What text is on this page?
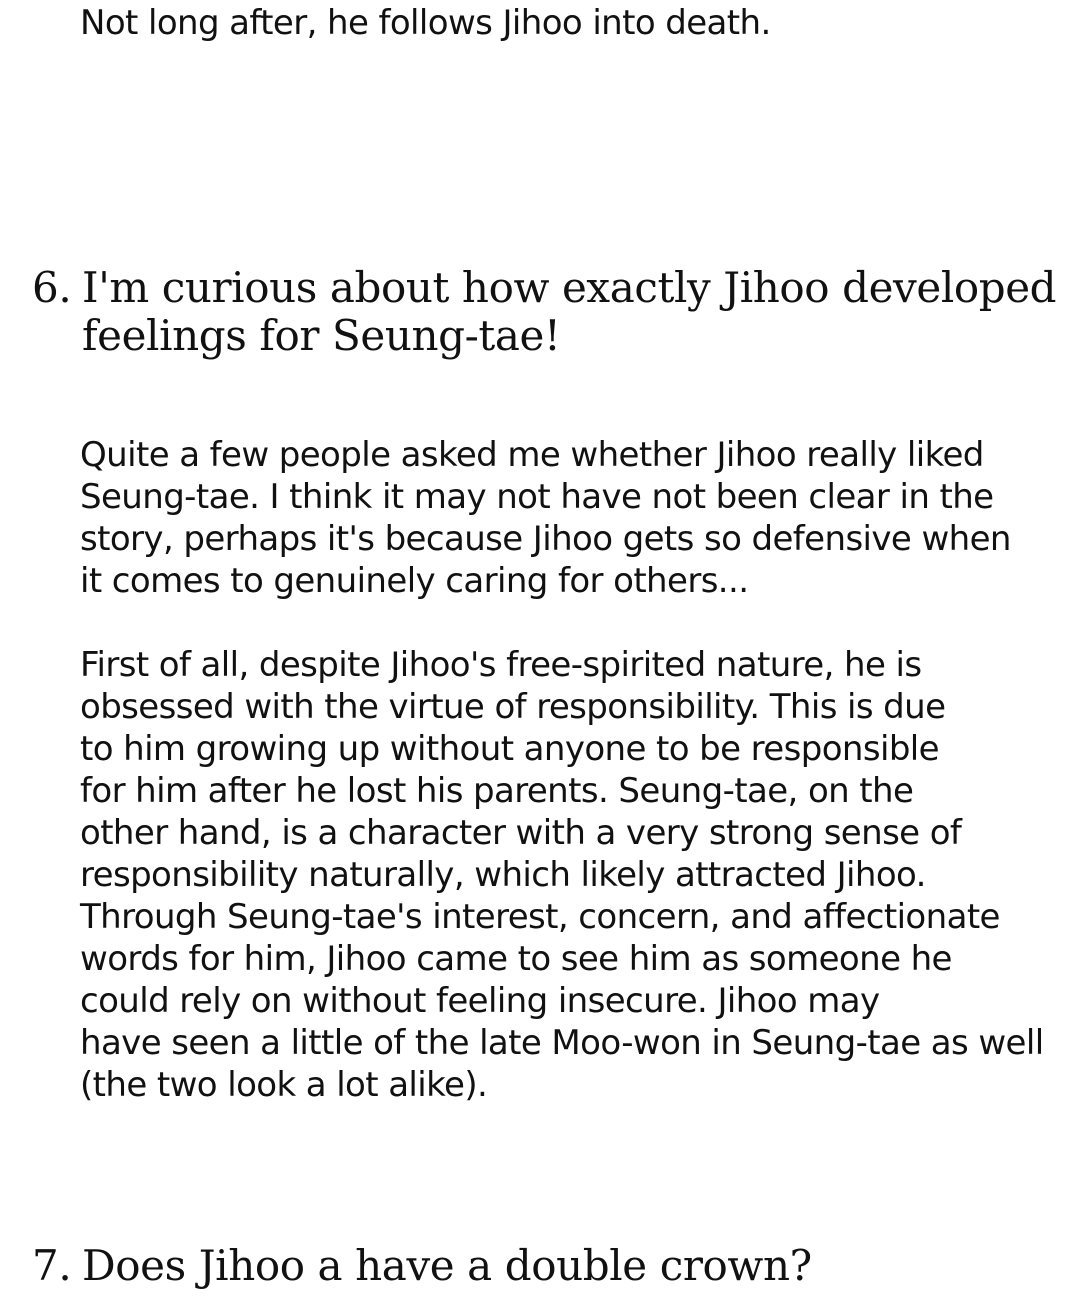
Not long after, he follows Jihoo into death.

6. I'm curious about how exactly Jihoo developed
feelings for Seung-tae!

Quite a few people asked me whether Jihoo really liked
Seung-tae. I think it may not have not been clear in the
story, perhaps it's because Jihoo gets so defensive when
it comes to genuinely caring for others...

First of all, despite Jihoo's free-spirited nature, he is
obsessed with the virtue of responsibility. This is due
to him growing up without anyone to be responsible
for him after he lost his parents. Seung-tae, on the
other hand, is a character with a very strong sense of
responsibility naturally, which likely attracted Jihoo.
Through Seung-tae's interest, concern, and affectionate
words for him, Jihoo came to see him as someone he
could rely on without feeling insecure. Jihoo may
have seen a little of the late Moo-won in Seung-tae as well
(the two look a lot alike).

7. Does Jihoo a have a double crown?
